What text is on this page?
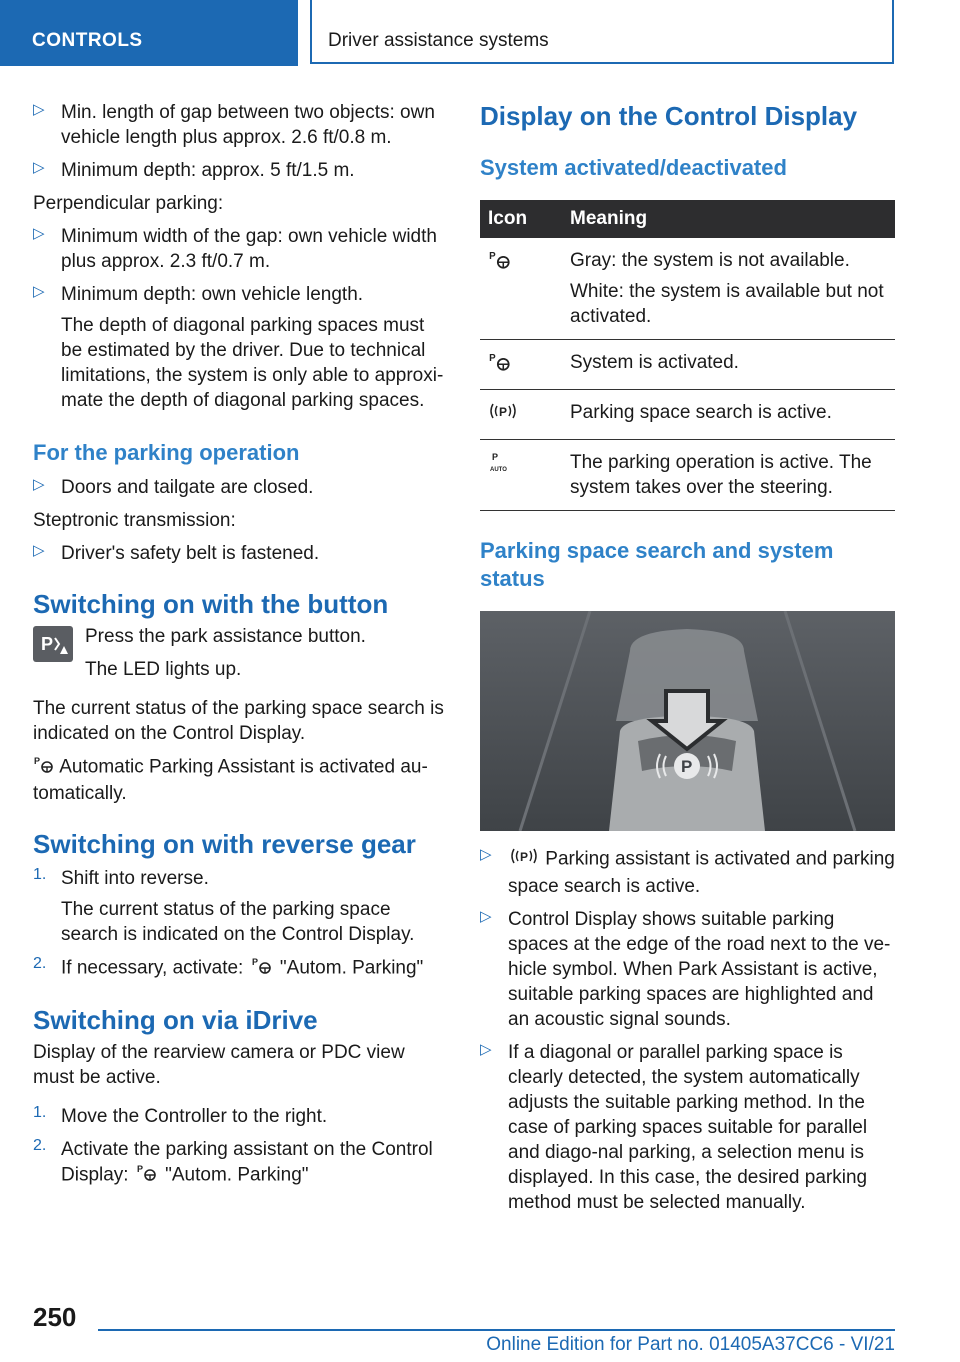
CONTROLS	Driver assistance systems
▷ Min. length of gap between two objects: own vehicle length plus approx. 2.6 ft/0.8 m.

▷ Minimum depth: approx. 5 ft/1.5 m.

Perpendicular parking:

▷ Minimum width of the gap: own vehicle width plus approx. 2.3 ft/0.7 m.

▷ Minimum depth: own vehicle length.

The depth of diagonal parking spaces must be estimated by the driver. Due to technical limitations, the system is only able to approxi-mate the depth of diagonal parking spaces.

For the parking operation
▷ Doors and tailgate are closed.

Steptronic transmission:

▷ Driver's safety belt is fastened.

Switching on with the button
P Press the park assistance button.

The LED lights up.

The current status of the parking space search is indicated on the Control Display.

P Automatic Parking Assistant is activated au-tomatically.

Switching on with reverse gear
1. Shift into reverse.

The current status of the parking space search is indicated on the Control Display.

2. If necessary, activate: P "Autom. Parking"

Switching on via iDrive

Display of the rearview camera or PDC view must be active.

1. Move the Controller to the right.

2. Activate the parking assistant on the Control Display: P "Autom. Parking"

Display on the Control Display
System activated/deactivated
Icon	Meaning

P	Gray: the system is not available.

White: the system is available but not activated.

P	System is activated.

P	Parking space search is active.

P
AUTO	The parking operation is active. The system takes over the steering.

Parking space search and system status
P
▷ P Parking assistant is activated and parking space search is active.

▷ Control Display shows suitable parking spaces at the edge of the road next to the ve-hicle symbol. When Park Assistant is active, suitable parking spaces are highlighted and an acoustic signal sounds.

▷ If a diagonal or parallel parking space is clearly detected, the system automatically adjusts the suitable parking method. In the case of parking spaces suitable for parallel and diago-nal parking, a selection menu is displayed. In this case, the desired parking method must be selected manually.

250
Online Edition for Part no. 01405A37CC6 - VI/21
